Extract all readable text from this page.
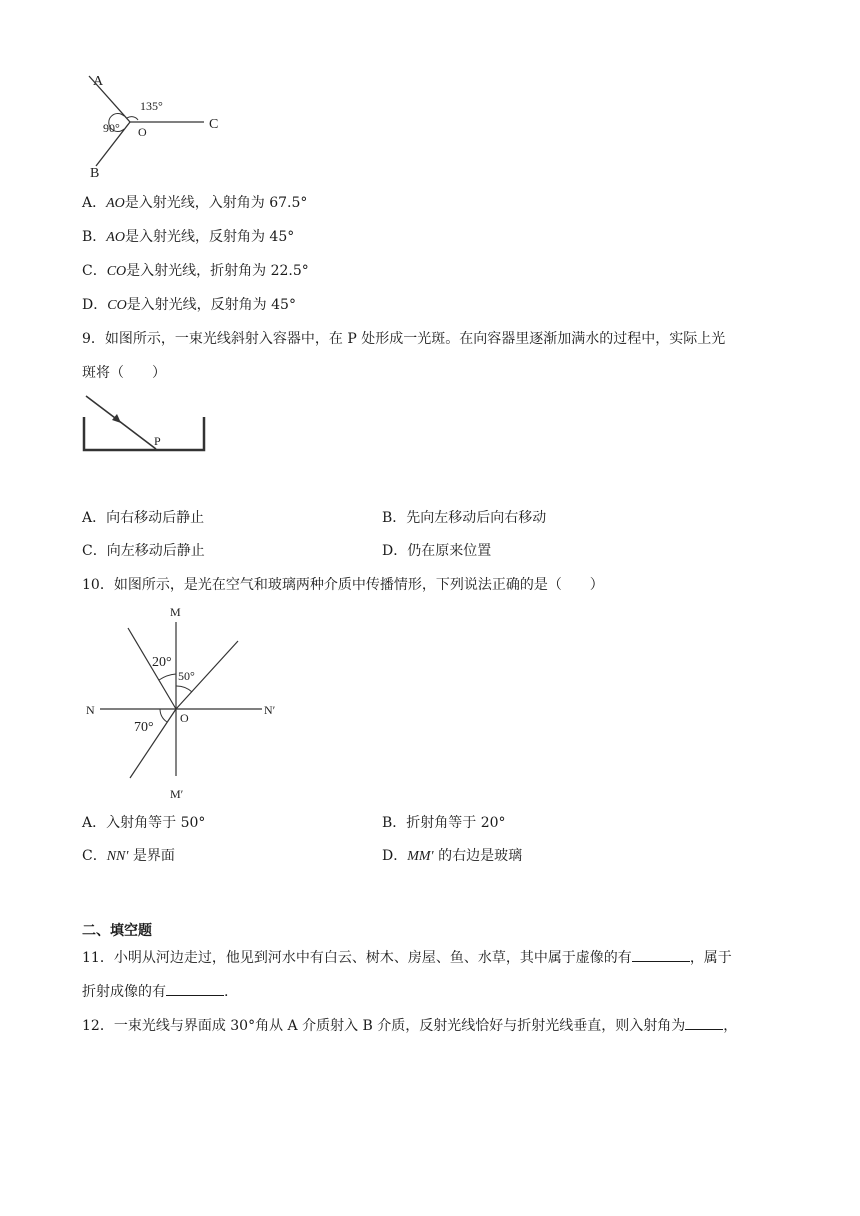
A
B
C
O
135°
90°
A．AO是入射光线，入射角为 67.5°
B．AO是入射光线，反射角为 45°
C．CO是入射光线，折射角为 22.5°
D．CO是入射光线，反射角为 45°
9．如图所示，一束光线斜射入容器中，在 P 处形成一光斑。在向容器里逐渐加满水的过程中，实际上光
斑将（　　）
P
A．向右移动后静止	B．先向左移动后向右移动
C．向左移动后静止	D．仍在原来位置
10．如图所示，是光在空气和玻璃两种介质中传播情形，下列说法正确的是（　　）
M
M′
N	N′
O
20°
50°
70°
A．入射角等于 50°	B．折射角等于 20°
C．NN′ 是界面	D．MM′ 的右边是玻璃
二、填空题
11．小明从河边走过，他见到河水中有白云、树木、房屋、鱼、水草，其中属于虚像的有	，属于
折射成像的有	.
12．一束光线与界面成 30°角从 A 介质射入 B 介质，反射光线恰好与折射光线垂直，则入射角为	，
